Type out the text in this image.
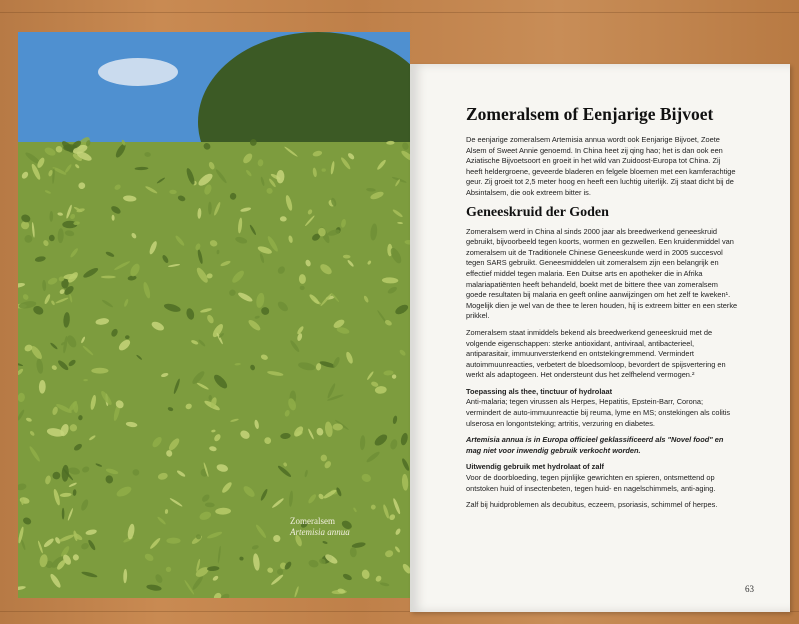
Zomeralsem
Artemisia annua
Zomeralsem of Eenjarige Bijvoet

De eenjarige zomeralsem Artemisia annua wordt ook Eenjarige Bijvoet, Zoete Alsem of Sweet Annie genoemd. In China heet zij qing hao; het is dan ook een Aziatische Bijvoetsoort en groeit in het wild van Zuidoost-Europa tot China. Zij heeft heldergroene, geveerde bladeren en felgele bloemen met een kamferachtige geur. Zij groeit tot 2,5 meter hoog en heeft een luchtig uiterlijk. Zij staat dicht bij de Absintalsem, die ook extreem bitter is.

Geneeskruid der Goden

Zomeralsem werd in China al sinds 2000 jaar als breedwerkend geneeskruid gebruikt, bijvoorbeeld tegen koorts, wormen en gezwellen. Een kruidenmiddel van zomeralsem uit de Traditionele Chinese Geneeskunde werd in 2005 succesvol tegen SARS gebruikt. Geneesmiddelen uit zomeralsem zijn een belangrijk en effectief middel tegen malaria. Een Duitse arts en apotheker die in Afrika malariapatiënten heeft behandeld, boekt met de bittere thee van zomeralsem goede resultaten bij malaria en geeft online aanwijzingen om het zelf te kweken¹. Mogelijk dien je wel van de thee te leren houden, hij is extreem bitter en een sterke prikkel.

Zomeralsem staat inmiddels bekend als breedwerkend geneeskruid met de volgende eigenschappen: sterke antioxidant, antiviraal, antibacterieel, antiparasitair, immuunversterkend en ontstekingremmend. Vermindert autoimmuunreacties, verbetert de bloedsomloop, bevordert de spijsvertering en werkt als adaptogeen. Het ondersteunt dus het zelfhelend vermogen.²

Toepassing als thee, tinctuur of hydrolaat

Anti-malaria; tegen virussen als Herpes, Hepatitis, Epstein-Barr, Corona; vermindert de auto-immuunreactie bij reuma, lyme en MS; onstekingen als colitis ulserosa en longontsteking; artritis, verzuring en diabetes.

Artemisia annua is in Europa officieel geklassificeerd als "Novel food" en mag niet voor inwendig gebruik verkocht worden.

Uitwendig gebruik met hydrolaat of zalf

Voor de doorbloeding, tegen pijnlijke gewrichten en spieren, ontsmettend op ontstoken huid of insectenbeten, tegen huid- en nagelschimmels, anti-aging.

Zalf bij huidproblemen als decubitus, eczeem, psoriasis, schimmel of herpes.

63
